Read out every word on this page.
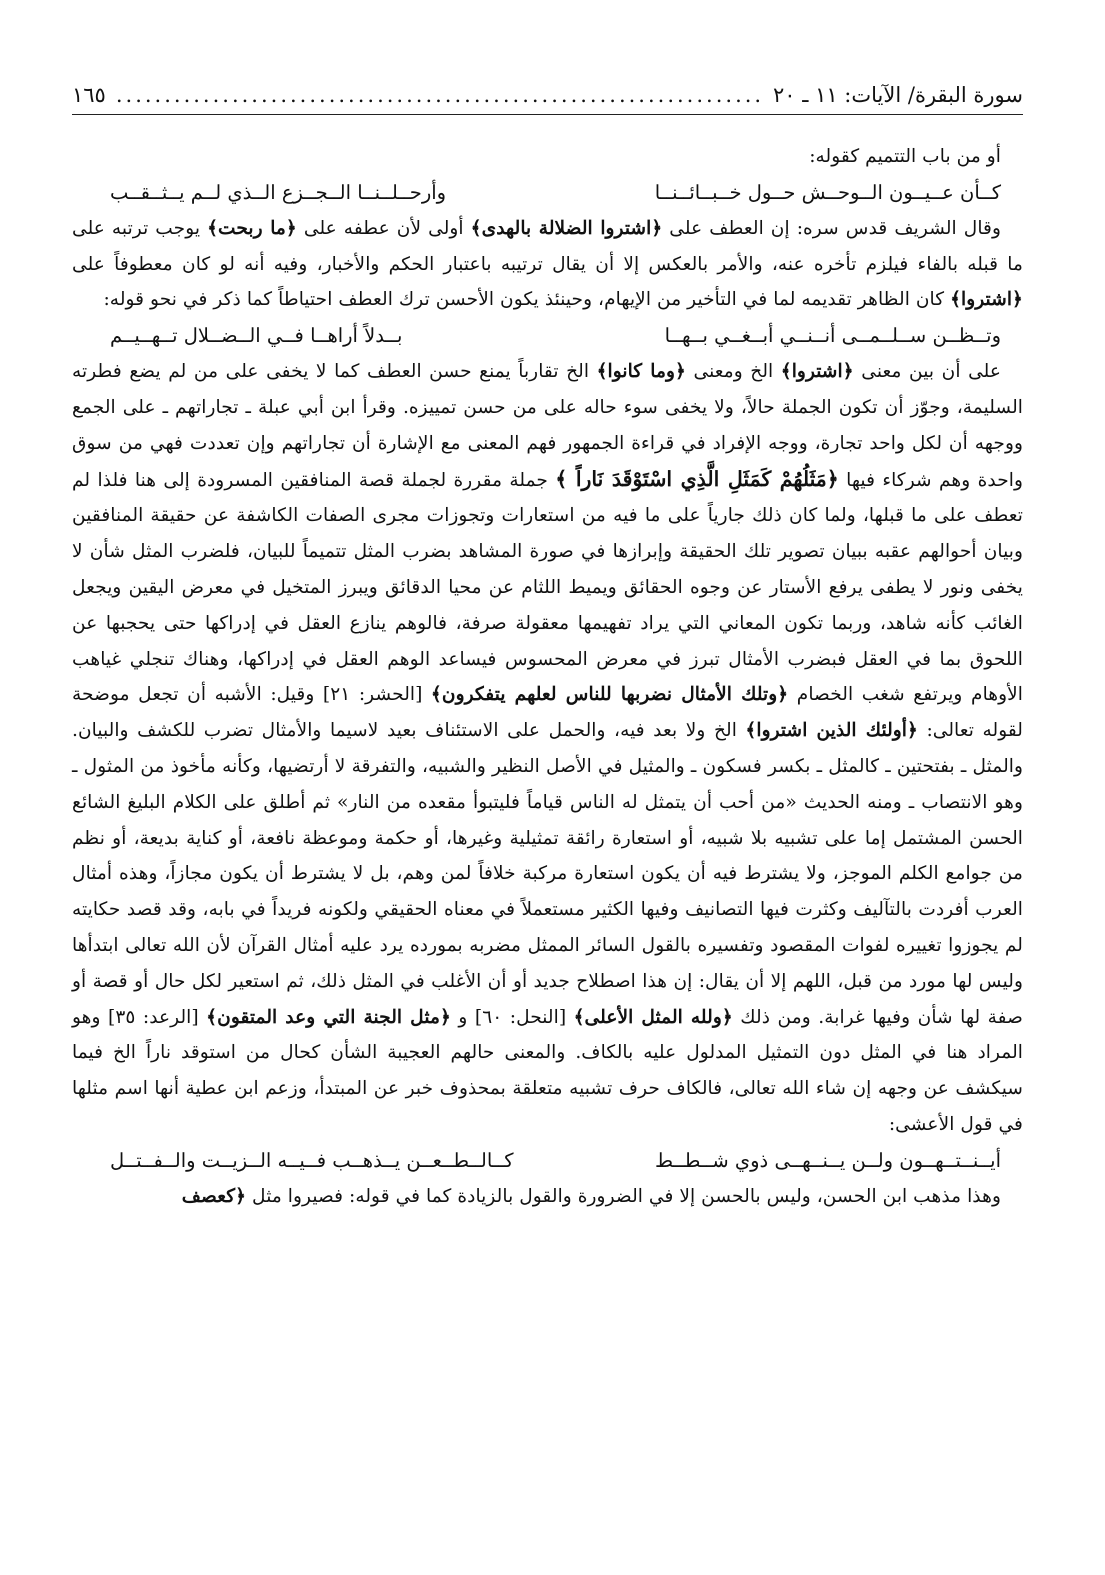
سورة البقرة/ الآيات: ١١ ـ ٢٠
.....
١٦٥

أو من باب التتميم كقوله:

كــأن عــيــون الــوحــش حــول خــبــائــنــا
وأرحــلــنــا الــجــزع الــذي لــم يــثــقــب

وقال الشريف قدس سره: إن العطف على ﴿اشتروا الضلالة بالهدى﴾ أولى لأن عطفه على ﴿ما ربحت﴾ يوجب ترتبه على ما قبله بالفاء فيلزم تأخره عنه، والأمر بالعكس إلا أن يقال ترتيبه باعتبار الحكم والأخبار، وفيه أنه لو كان معطوفاً على ﴿اشتروا﴾ كان الظاهر تقديمه لما في التأخير من الإيهام، وحينئذ يكون الأحسن ترك العطف احتياطاً كما ذكر في نحو قوله:

وتــظــن ســلــمــى أنــنــي أبــغــي بــهــا
بــدلاً أراهــا فــي الــضــلال تــهــيــم

على أن بين معنى ﴿اشتروا﴾ الخ ومعنى ﴿وما كانوا﴾ الخ تقارباً يمنع حسن العطف كما لا يخفى على من لم يضع فطرته السليمة، وجوّز أن تكون الجملة حالاً، ولا يخفى سوء حاله على من حسن تمييزه. وقرأ ابن أبي عبلة ـ تجاراتهم ـ على الجمع ووجهه أن لكل واحد تجارة، ووجه الإفراد في قراءة الجمهور فهم المعنى مع الإشارة أن تجاراتهم وإن تعددت فهي من سوق واحدة وهم شركاء فيها ﴿مَثَلُهُمْ كَمَثَلِ الَّذِي اسْتَوْقَدَ نَاراً ﴾ جملة مقررة لجملة قصة المنافقين المسرودة إلى هنا فلذا لم تعطف على ما قبلها، ولما كان ذلك جارياً على ما فيه من استعارات وتجوزات مجرى الصفات الكاشفة عن حقيقة المنافقين وبيان أحوالهم عقبه ببيان تصوير تلك الحقيقة وإبرازها في صورة المشاهد بضرب المثل تتميماً للبيان، فلضرب المثل شأن لا يخفى ونور لا يطفى يرفع الأستار عن وجوه الحقائق ويميط اللثام عن محيا الدقائق ويبرز المتخيل في معرض اليقين ويجعل الغائب كأنه شاهد، وربما تكون المعاني التي يراد تفهيمها معقولة صرفة، فالوهم ينازع العقل في إدراكها حتى يحجبها عن اللحوق بما في العقل فبضرب الأمثال تبرز في معرض المحسوس فيساعد الوهم العقل في إدراكها، وهناك تنجلي غياهب الأوهام ويرتفع شغب الخصام ﴿وتلك الأمثال نضربها للناس لعلهم يتفكرون﴾ [الحشر: ٢١] وقيل: الأشبه أن تجعل موضحة لقوله تعالى: ﴿أولئك الذين اشتروا﴾ الخ ولا بعد فيه، والحمل على الاستئناف بعيد لاسيما والأمثال تضرب للكشف والبيان. والمثل ـ بفتحتين ـ كالمثل ـ بكسر فسكون ـ والمثيل في الأصل النظير والشبيه، والتفرقة لا أرتضيها، وكأنه مأخوذ من المثول ـ وهو الانتصاب ـ ومنه الحديث «من أحب أن يتمثل له الناس قياماً فليتبوأ مقعده من النار» ثم أطلق على الكلام البليغ الشائع الحسن المشتمل إما على تشبيه بلا شبيه، أو استعارة رائقة تمثيلية وغيرها، أو حكمة وموعظة نافعة، أو كناية بديعة، أو نظم من جوامع الكلم الموجز، ولا يشترط فيه أن يكون استعارة مركبة خلافاً لمن وهم، بل لا يشترط أن يكون مجازاً، وهذه أمثال العرب أفردت بالتآليف وكثرت فيها التصانيف وفيها الكثير مستعملاً في معناه الحقيقي ولكونه فريداً في بابه، وقد قصد حكايته لم يجوزوا تغييره لفوات المقصود وتفسيره بالقول السائر الممثل مضربه بمورده يرد عليه أمثال القرآن لأن الله تعالى ابتدأها وليس لها مورد من قبل، اللهم إلا أن يقال: إن هذا اصطلاح جديد أو أن الأغلب في المثل ذلك، ثم استعير لكل حال أو قصة أو صفة لها شأن وفيها غرابة. ومن ذلك ﴿ولله المثل الأعلى﴾ [النحل: ٦٠] و ﴿مثل الجنة التي وعد المتقون﴾ [الرعد: ٣٥] وهو المراد هنا في المثل دون التمثيل المدلول عليه بالكاف. والمعنى حالهم العجيبة الشأن كحال من استوقد ناراً الخ فيما سيكشف عن وجهه إن شاء الله تعالى، فالكاف حرف تشبيه متعلقة بمحذوف خبر عن المبتدأ، وزعم ابن عطية أنها اسم مثلها في قول الأعشى:

أيــنــتــهــون ولــن يــنــهــى ذوي شــطــط
كــالــطــعــن يــذهــب فــيــه الــزيــت والــفــتــل

وهذا مذهب ابن الحسن، وليس بالحسن إلا في الضرورة والقول بالزيادة كما في قوله: فصيروا مثل ﴿كعصف
